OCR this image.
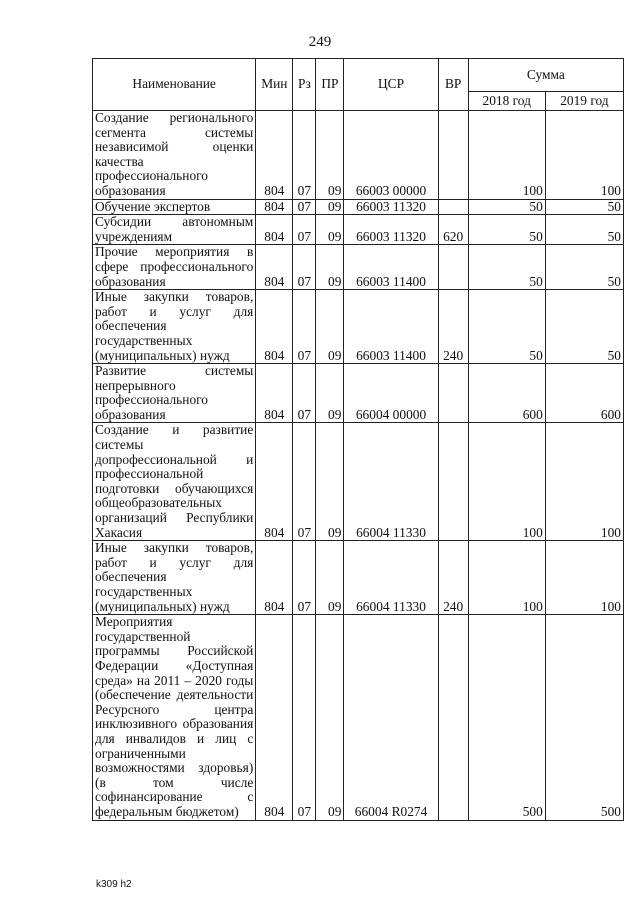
249
Наименование	Мин	Рз	ПР	ЦСР	ВР	Сумма	
						2018 год	2019 год
Создание регионального сегмента системы независимой оценки качества профессионального образования	804	07	09	66003 00000		100	100
Обучение экспертов	804	07	09	66003 11320		50	50
Субсидии автономным учреждениям	804	07	09	66003 11320	620	50	50
Прочие мероприятия в сфере профессионального образования	804	07	09	66003 11400		50	50
Иные закупки товаров, работ и услуг для обеспечения государственных (муниципальных) нужд	804	07	09	66003 11400	240	50	50
Развитие системы непрерывного профессионального образования	804	07	09	66004 00000		600	600
Создание и развитие системы допрофессиональной и профессиональной подготовки обучающихся общеобразовательных организаций Республики Хакасия	804	07	09	66004 11330		100	100
Иные закупки товаров, работ и услуг для обеспечения государственных (муниципальных) нужд	804	07	09	66004 11330	240	100	100
Мероприятия государственной программы Российской Федерации «Доступная среда» на 2011 – 2020 годы (обеспечение деятельности Ресурсного центра инклюзивного образования для инвалидов и лиц с ограниченными возможностями здоровья) (в том числе софинансирование с федеральным бюджетом)	804	07	09	66004 R0274		500	500
k309 h2
